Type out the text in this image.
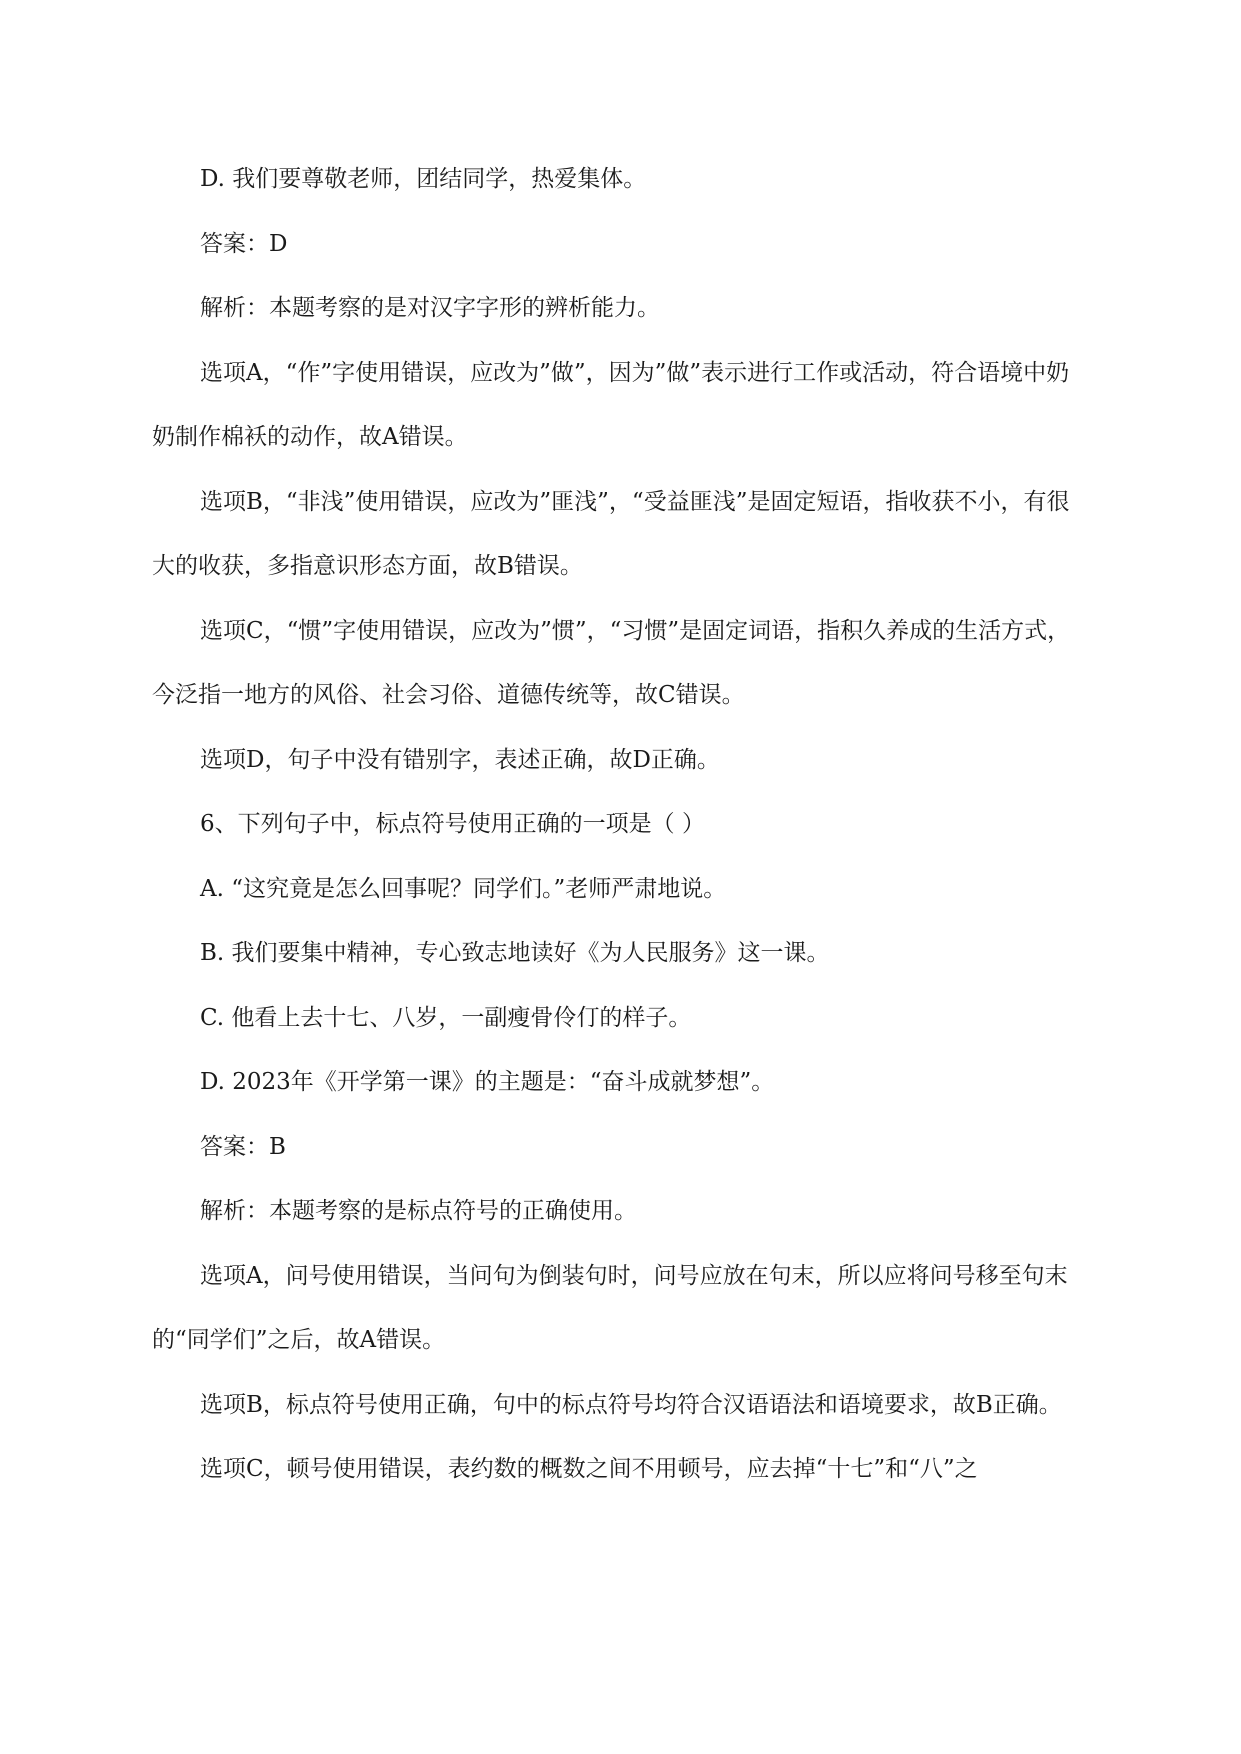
D. 我们要尊敬老师，团结同学，热爱集体。

答案：D

解析：本题考察的是对汉字字形的辨析能力。

选项A，“作”字使用错误，应改为”做”，因为”做”表示进行工作或活动，符合语境中奶奶制作棉袄的动作，故A错误。

选项B，“非浅”使用错误，应改为”匪浅”，“受益匪浅”是固定短语，指收获不小，有很大的收获，多指意识形态方面，故B错误。

选项C，“惯”字使用错误，应改为”惯”，“习惯”是固定词语，指积久养成的生活方式，今泛指一地方的风俗、社会习俗、道德传统等，故C错误。

选项D，句子中没有错别字，表述正确，故D正确。

6、下列句子中，标点符号使用正确的一项是（ ）

A. “这究竟是怎么回事呢？同学们。”老师严肃地说。

B. 我们要集中精神，专心致志地读好《为人民服务》这一课。

C. 他看上去十七、八岁，一副瘦骨伶仃的样子。

D. 2023年《开学第一课》的主题是：“奋斗成就梦想”。

答案：B

解析：本题考察的是标点符号的正确使用。

选项A，问号使用错误，当问句为倒装句时，问号应放在句末，所以应将问号移至句末的“同学们”之后，故A错误。

选项B，标点符号使用正确，句中的标点符号均符合汉语语法和语境要求，故B正确。

选项C，顿号使用错误，表约数的概数之间不用顿号，应去掉“十七”和“八”之
